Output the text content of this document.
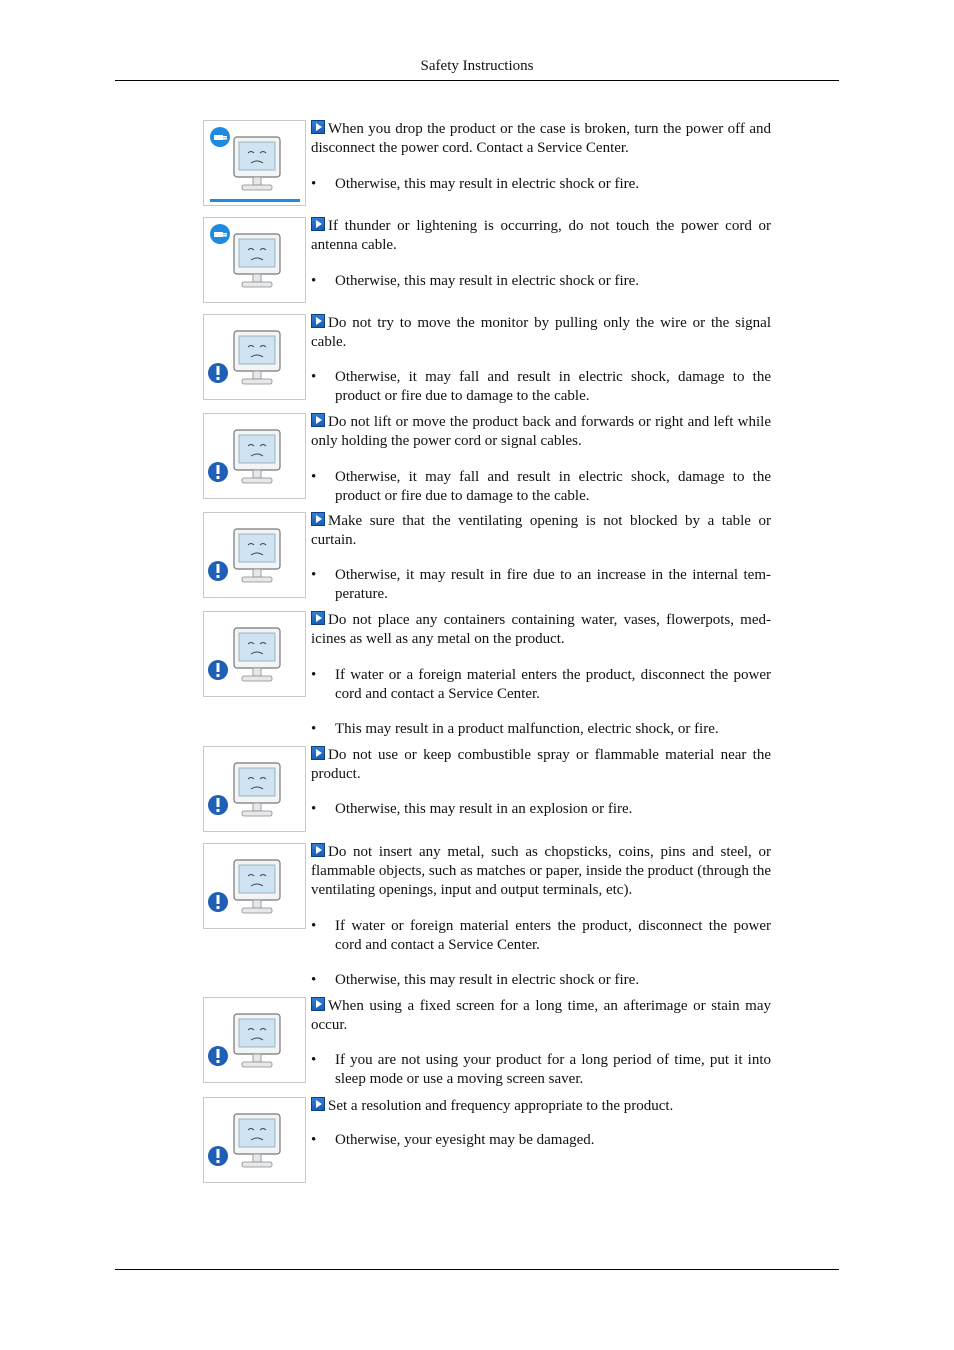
Safety Instructions

When you drop the product or the case is broken, turn the power off and disconnect the power cord. Contact a Service Center.

• Otherwise, this may result in electric shock or fire.

If thunder or lightening is occurring, do not touch the power cord or antenna cable.

• Otherwise, this may result in electric shock or fire.

Do not try to move the monitor by pulling only the wire or the signal cable.

• Otherwise, it may fall and result in electric shock, damage to the product or fire due to damage to the cable.

Do not lift or move the product back and forwards or right and left while only holding the power cord or signal cables.

• Otherwise, it may fall and result in electric shock, damage to the product or fire due to damage to the cable.

Make sure that the ventilating opening is not blocked by a table or curtain.

• Otherwise, it may result in fire due to an increase in the internal tem-perature.

Do not place any containers containing water, vases, flowerpots, med-icines as well as any metal on the product.

• If water or a foreign material enters the product, disconnect the power cord and contact a Service Center.
• This may result in a product malfunction, electric shock, or fire.

Do not use or keep combustible spray or flammable material near the product.

• Otherwise, this may result in an explosion or fire.

Do not insert any metal, such as chopsticks, coins, pins and steel, or flammable objects, such as matches or paper, inside the product (through the ventilating openings, input and output terminals, etc).

• If water or foreign material enters the product, disconnect the power cord and contact a Service Center.
• Otherwise, this may result in electric shock or fire.

When using a fixed screen for a long time, an afterimage or stain may occur.

• If you are not using your product for a long period of time, put it into sleep mode or use a moving screen saver.

Set a resolution and frequency appropriate to the product.

• Otherwise, your eyesight may be damaged.
